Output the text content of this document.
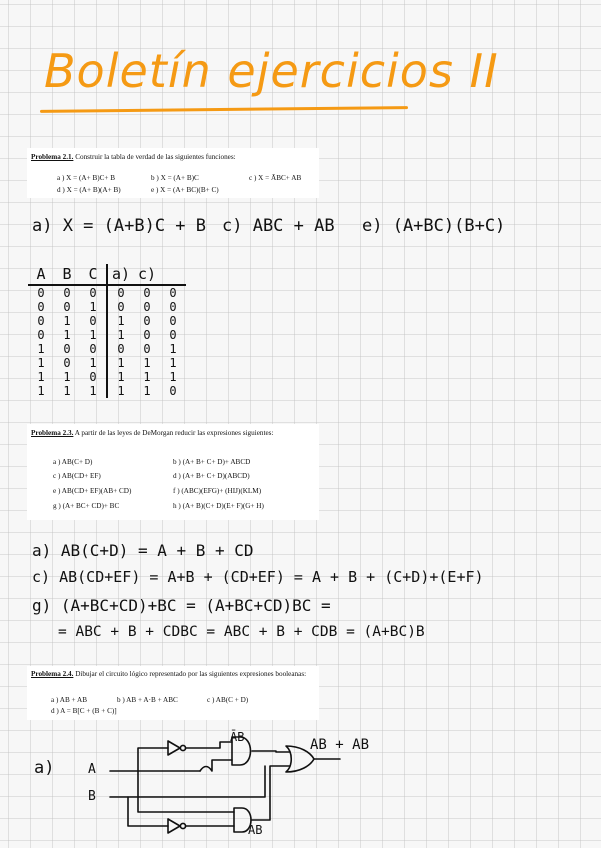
Boletín ejercicios II
Problema 2.1. Construir la tabla de verdad de las siguientes funciones:
a ) X = (A+ B)C+ B	b ) X = (A+ B)C	c ) X = ĀBC+ AB
d ) X = (A+ B)(A+ B)	e ) X = (A+ BC)(B+ C)
a) X = (A+B)C + B c) ABC + AB e) (A+BC)(B+C)
A	B	C	a)	c)	
0	0	0	0	0	0
0	0	1	0	0	0
0	1	0	1	0	0
0	1	1	1	0	0
1	0	0	0	0	1
1	0	1	1	1	1
1	1	0	1	1	1
1	1	1	1	1	0
Problema 2.3. A partir de las leyes de DeMorgan reducir las expresiones siguientes:
a ) AB(C+ D)	b ) (A+ B+ C+ D)+ ABCD
c ) AB(CD+ EF)	d ) (A+ B+ C+ D)(ABCD)
e ) AB(CD+ EF)(AB+ CD)	f ) (ABC)(EFG)+ (HIJ)(KLM)
g ) (A+ BC+ CD)+ BC	h ) (A+ B)(C+ D)(E+ F)(G+ H)
a) AB(C+D) = A + B + CD
c) AB(CD+EF) = A+B + (CD+EF) = A + B + (C+D)+(E+F)
g) (A+BC+CD)+BC = (A+BC+CD)BC =
= ABC + B + CDBC = ABC + B + CDB = (A+BC)B
Problema 2.4. Dibujar el circuito lógico representado por las siguientes expresiones booleanas:
a ) AB + AB	b ) AB + A·B + ABC	c ) AB(C + D)
d ) A = B[C + (B + C)]
a)	A
B
ĀB
AB
AB + AB
